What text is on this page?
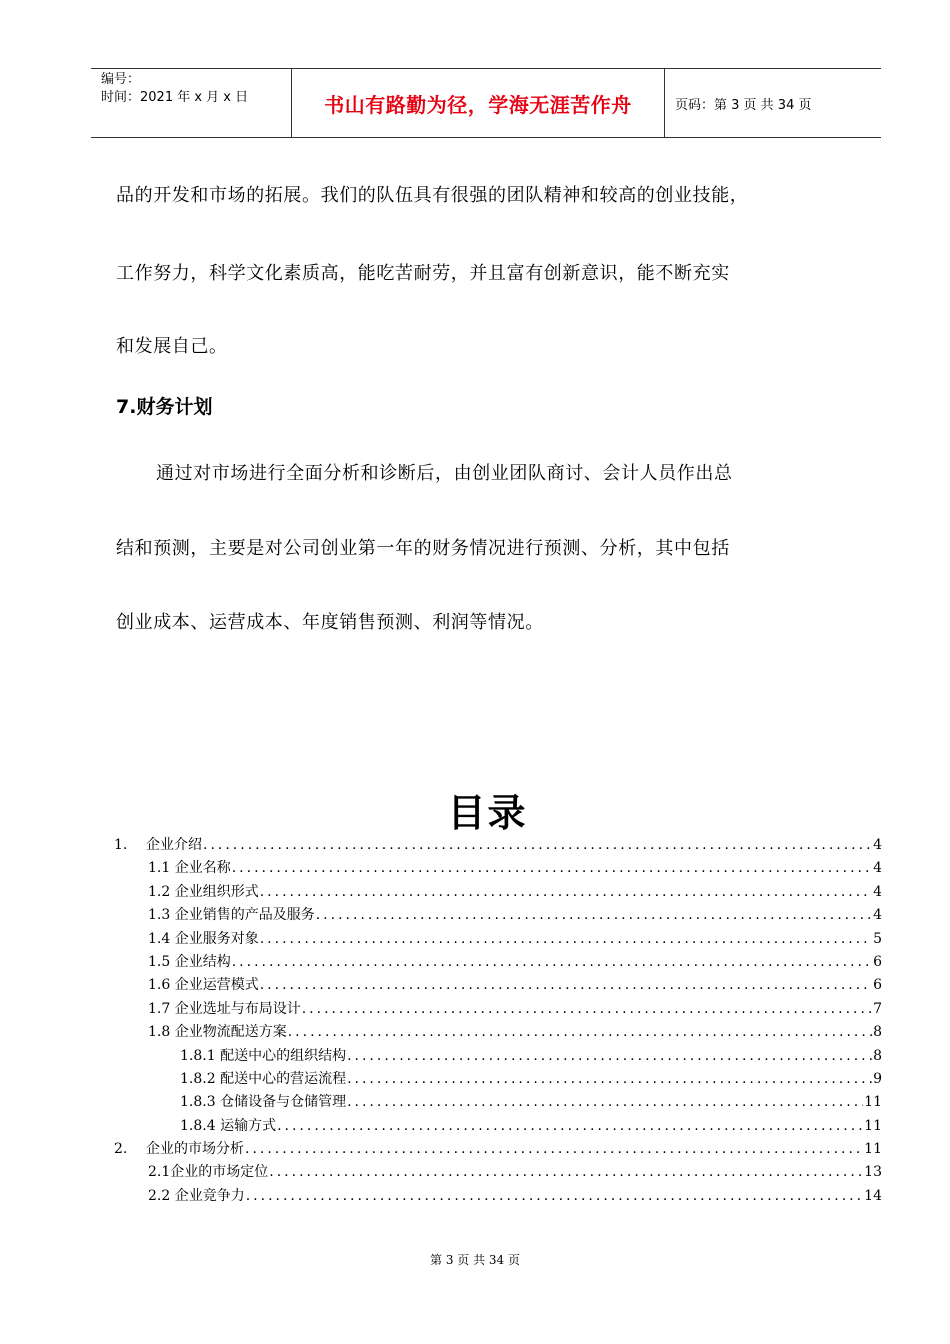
编号：
时间：2021 年 x 月 x 日	书山有路勤为径，学海无涯苦作舟	页码：第 3 页 共 34 页
品的开发和市场的拓展。我们的队伍具有很强的团队精神和较高的创业技能，
工作努力，科学文化素质高，能吃苦耐劳，并且富有创新意识，能不断充实
和发展自己。
7.财务计划
通过对市场进行全面分析和诊断后，由创业团队商讨、会计人员作出总
结和预测，主要是对公司创业第一年的财务情况进行预测、分析，其中包括
创业成本、运营成本、年度销售预测、利润等情况。
目录
1. 企业介绍 .....	4
1.1 企业名称 .....	4
1.2 企业组织形式 .....	4
1.3 企业销售的产品及服务 .....	4
1.4 企业服务对象 .....	5
1.5 企业结构 .....	6
1.6 企业运营模式 .....	6
1.7 企业选址与布局设计 .....	7
1.8 企业物流配送方案 .....	8
1.8.1 配送中心的组织结构 .....	8
1.8.2 配送中心的营运流程 .....	9
1.8.3 仓储设备与仓储管理 .....	11
1.8.4 运输方式 .....	11
2. 企业的市场分析 .....	11
2.1企业的市场定位 .....	13
2.2 企业竞争力 .....	14
第 3 页 共 34 页
